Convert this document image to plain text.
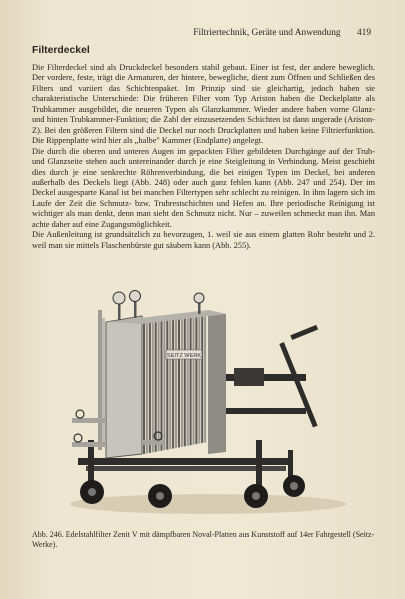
Filtriertechnik, Geräte und Anwendung 419
Filterdeckel

Die Filterdeckel sind als Druckdeckel besonders stabil gebaut. Einer ist fest, der andere beweglich. Der vordere, feste, trägt die Armaturen, der hintere, bewegliche, dient zum Öffnen und Schließen des Filters und variiert das Schichtenpaket. Im Prinzip sind sie gleichartig, jedoch haben sie charakteristische Unterschiede: Die früheren Filter vom Typ Ariston haben die Deckelplatte als Trubkammer ausgebildet, die neueren Typen als Glanzkammer. Wieder andere haben vorne Glanz- und hinten Trubkammer-Funktion; die Zahl der einzusetzenden Schichten ist dann ungerade (Ariston-Z). Bei den größeren Filtern sind die Deckel nur noch Druckplatten und haben keine Filtrierfunktion. Die Rippenplatte wird hier als „halbe" Kammer (Endplatte) angelegt.

Die durch die oberen und unteren Augen im gepackten Filter gebildeten Durchgänge auf der Trub- und Glanzseite stehen auch untereinander durch je eine Steigleitung in Verbindung. Meist geschieht dies durch je eine senkrechte Röhrenverbindung, die bei einigen Typen im Deckel, bei anderen außerhalb des Deckels liegt (Abb. 248) oder auch ganz fehlen kann (Abb. 247 und 254). Der im Deckel ausgesparte Kanal ist bei manchen Filtertypen sehr schlecht zu reinigen. In ihm lagern sich im Laufe der Zeit die Schmutz- bzw. Trubrestschichten und Hefen an. Ihre periodische Reinigung ist wichtiger als man denkt, denn man sieht den Schmutz nicht. Nur – zuweilen schmeckt man ihn. Man achte daher auf eine Zugangsmöglichkeit.

Die Außenleitung ist grundsätzlich zu bevorzugen, 1. weil sie aus einem glatten Rohr besteht und 2. weil man sie mittels Flaschenbürste gut säubern kann (Abb. 255).

SEITZ WERK
Abb. 246. Edelstahlfilter Zenit V mit dämpfbaren Noval-Platten aus Kunststoff auf 14er Fahrgestell (Seitz-Werke).
